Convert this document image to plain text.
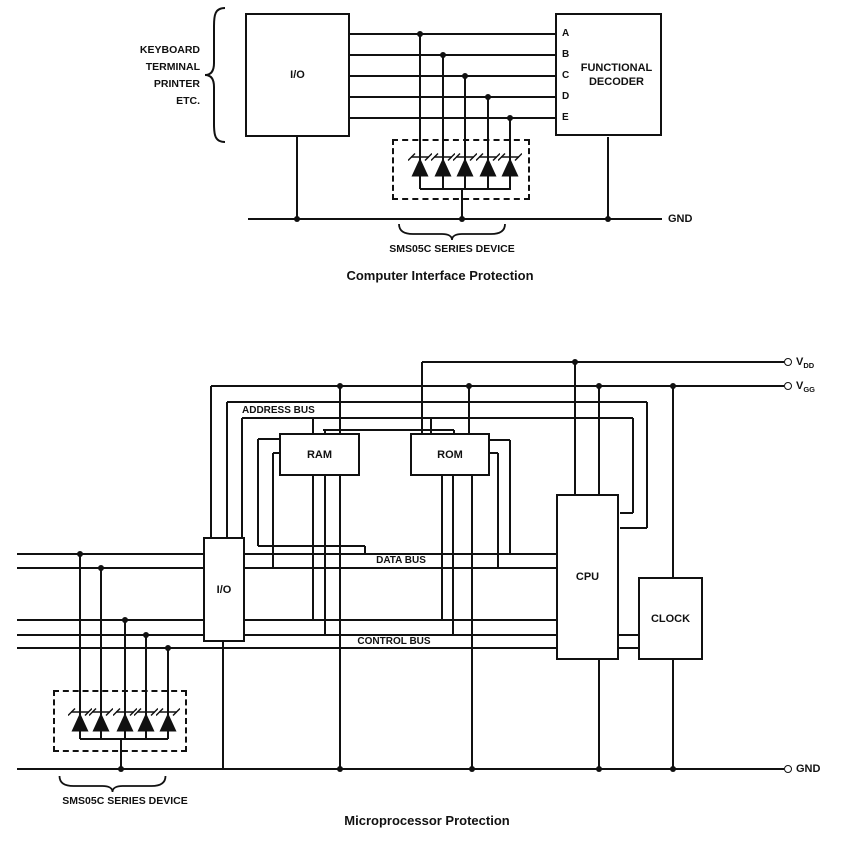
KEYBOARD
TERMINAL
PRINTER
ETC.
I/O
FUNCTIONAL
DECODER
A
B
C
D
E
GND
SMS05C SERIES DEVICE
Computer Interface Protection
I/O
RAM	ROM
CPU
CLOCK
ADDRESS BUS
DATA BUS
CONTROL BUS
$V_{DD}$
$V_{GG}$
GND
SMS05C SERIES DEVICE
Microprocessor Protection
